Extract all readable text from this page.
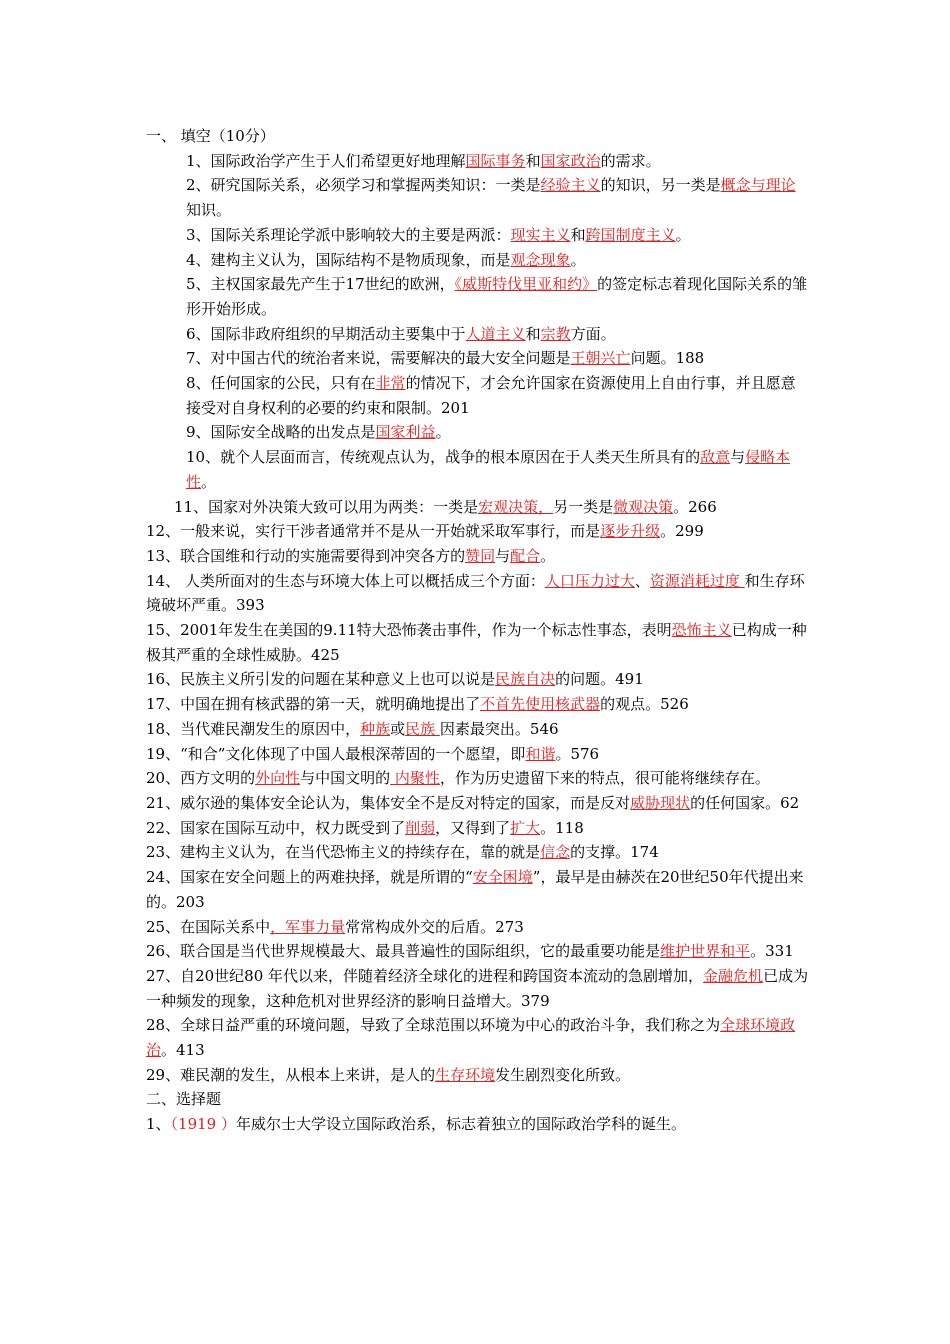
一、 填空（10分）

1、国际政治学产生于人们希望更好地理解国际事务和国家政治的需求。

2、研究国际关系，必须学习和掌握两类知识：一类是经验主义的知识，另一类是概念与理论知识。

3、国际关系理论学派中影响较大的主要是两派：现实主义和跨国制度主义。

4、建构主义认为，国际结构不是物质现象，而是观念现象。

5、主权国家最先产生于17世纪的欧洲，《威斯特伐里亚和约》的签定标志着现化国际关系的雏形开始形成。

6、国际非政府组织的早期活动主要集中于人道主义和宗教方面。

7、对中国古代的统治者来说，需要解决的最大安全问题是王朝兴亡问题。188

8、任何国家的公民，只有在非常的情况下，才会允许国家在资源使用上自由行事，并且愿意接受对自身权利的必要的约束和限制。201

9、国际安全战略的出发点是国家利益。

10、就个人层面而言，传统观点认为，战争的根本原因在于人类天生所具有的敌意与侵略本性。

11、国家对外决策大致可以用为两类：一类是宏观决策，另一类是微观决策。266

12、一般来说，实行干涉者通常并不是从一开始就采取军事行，而是逐步升级。299

13、联合国维和行动的实施需要得到冲突各方的赞同与配合。

14、 人类所面对的生态与环境大体上可以概括成三个方面：人口压力过大、资源消耗过度 和生存环境破坏严重。393

15、2001年发生在美国的9.11特大恐怖袭击事件，作为一个标志性事态，表明恐怖主义已构成一种极其严重的全球性威胁。425

16、民族主义所引发的问题在某种意义上也可以说是民族自决的问题。491

17、中国在拥有核武器的第一天，就明确地提出了不首先使用核武器的观点。526

18、当代难民潮发生的原因中，种族或民族 因素最突出。546

19、“和合”文化体现了中国人最根深蒂固的一个愿望，即和谐。576

20、西方文明的外向性与中国文明的 内聚性，作为历史遗留下来的特点，很可能将继续存在。

21、威尔逊的集体安全论认为，集体安全不是反对特定的国家，而是反对威胁现状的任何国家。62

22、国家在国际互动中，权力既受到了削弱，又得到了扩大。118

23、建构主义认为，在当代恐怖主义的持续存在，靠的就是信念的支撑。174

24、国家在安全问题上的两难抉择，就是所谓的“安全困境”，最早是由赫茨在20世纪50年代提出来的。203

25、在国际关系中，军事力量常常构成外交的后盾。273

26、联合国是当代世界规模最大、最具普遍性的国际组织，它的最重要功能是维护世界和平。331

27、自20世纪80 年代以来，伴随着经济全球化的进程和跨国资本流动的急剧增加，金融危机已成为一种频发的现象，这种危机对世界经济的影响日益增大。379

28、全球日益严重的环境问题，导致了全球范围以环境为中心的政治斗争，我们称之为全球环境政治。413

29、难民潮的发生，从根本上来讲，是人的生存环境发生剧烈变化所致。

二、选择题

1、（1919 ）年威尔士大学设立国际政治系，标志着独立的国际政治学科的诞生。
